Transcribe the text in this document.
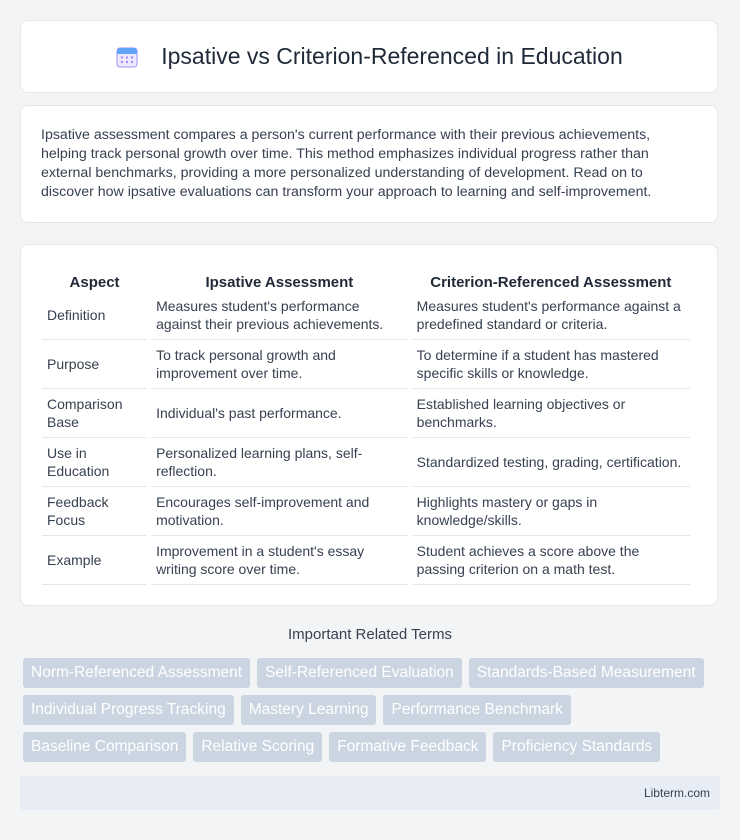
Ipsative vs Criterion-Referenced in Education
Ipsative assessment compares a person's current performance with their previous achievements, helping track personal growth over time. This method emphasizes individual progress rather than external benchmarks, providing a more personalized understanding of development. Read on to discover how ipsative evaluations can transform your approach to learning and self-improvement.
Aspect	Ipsative Assessment	Criterion-Referenced Assessment
Definition	Measures student's performance against their previous achievements.	Measures student's performance against a predefined standard or criteria.
Purpose	To track personal growth and improvement over time.	To determine if a student has mastered specific skills or knowledge.
Comparison Base	Individual's past performance.	Established learning objectives or benchmarks.
Use in Education	Personalized learning plans, self-reflection.	Standardized testing, grading, certification.
Feedback Focus	Encourages self-improvement and motivation.	Highlights mastery or gaps in knowledge/skills.
Example	Improvement in a student's essay writing score over time.	Student achieves a score above the passing criterion on a math test.
Important Related Terms
Norm-Referenced Assessment	Self-Referenced Evaluation	Standards-Based Measurement
Individual Progress Tracking	Mastery Learning	Performance Benchmark
Baseline Comparison	Relative Scoring	Formative Feedback	Proficiency Standards
Libterm.com
